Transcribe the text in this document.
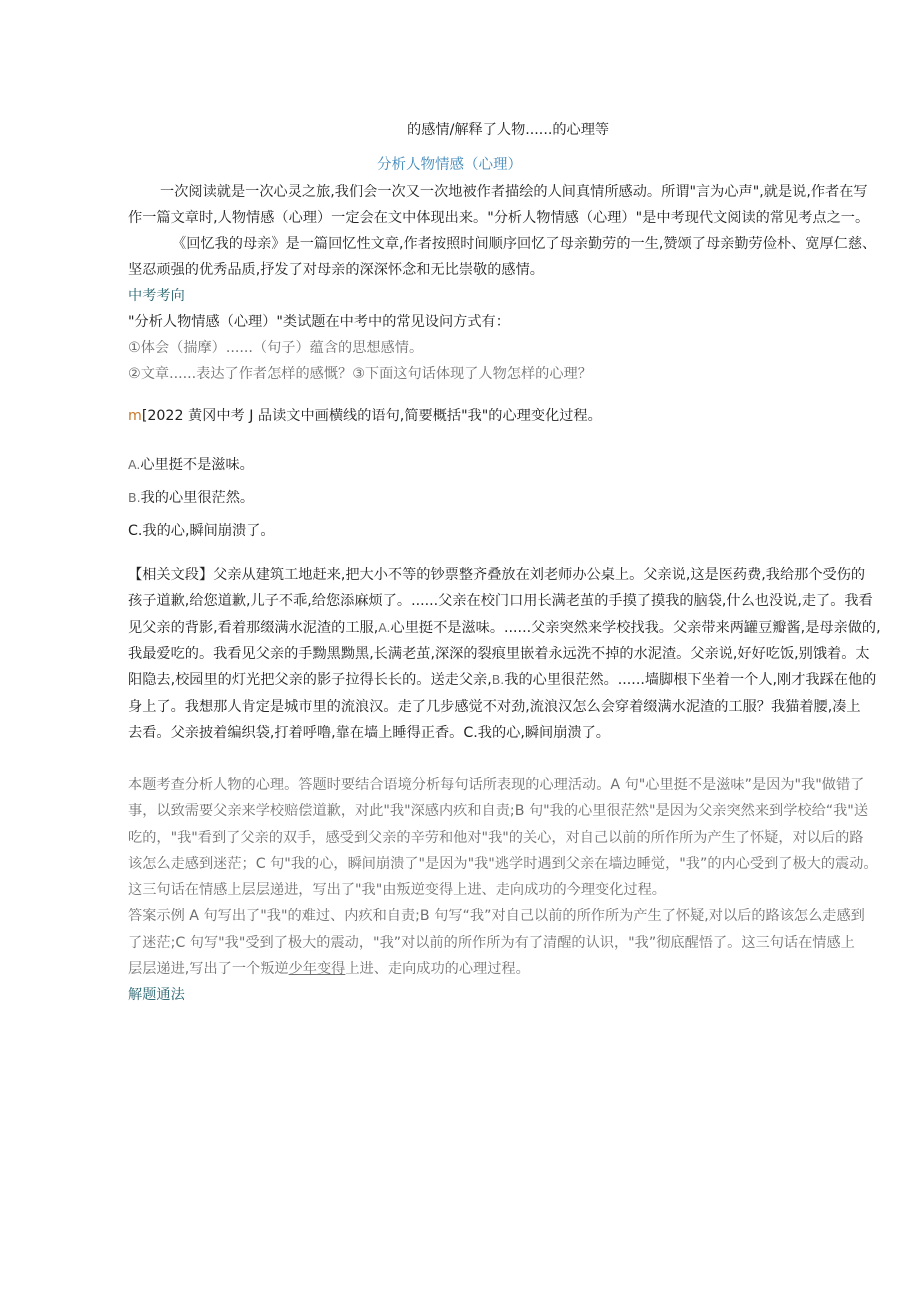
的感情/解释了人物......的心理等
分析人物情感（心理）
一次阅读就是一次心灵之旅,我们会一次又一次地被作者描绘的人间真情所感动。所谓"言为心声",就是说,作者在写
作一篇文章时,人物情感（心理）一定会在文中体现出来。"分析人物情感（心理）"是中考现代文阅读的常见考点之一。
《回忆我的母亲》是一篇回忆性文章,作者按照时间顺序回忆了母亲勤劳的一生,赞颂了母亲勤劳俭朴、宽厚仁慈、
坚忍顽强的优秀品质,抒发了对母亲的深深怀念和无比崇敬的感情。
中考考向
"分析人物情感（心理）"类试题在中考中的常见设问方式有：
①体会（揣摩）......（句子）蕴含的思想感情。
②文章......表达了作者怎样的感慨？③下面这句话体现了人物怎样的心理？
m[2022 黄冈中考 J 品读文中画横线的语句,简要概括"我"的心理变化过程。
A.心里挺不是滋味。
B.我的心里很茫然。
C.我的心,瞬间崩溃了。
【相关文段】父亲从建筑工地赶来,把大小不等的钞票整齐叠放在刘老师办公桌上。父亲说,这是医药费,我给那个受伤的
孩子道歉,给您道歉,儿子不乖,给您添麻烦了。......父亲在校门口用长满老茧的手摸了摸我的脑袋,什么也没说,走了。我看
见父亲的背影,看着那缀满水泥渣的工服,A.心里挺不是滋味。......父亲突然来学校找我。父亲带来两罐豆瓣酱,是母亲做的,
我最爱吃的。我看见父亲的手黝黑黝黑,长满老茧,深深的裂痕里嵌着永远洗不掉的水泥渣。父亲说,好好吃饭,别饿着。太
阳隐去,校园里的灯光把父亲的影子拉得长长的。送走父亲,B.我的心里很茫然。......墙脚根下坐着一个人,刚才我踩在他的
身上了。我想那人肯定是城市里的流浪汉。走了几步感觉不对劲,流浪汉怎么会穿着缀满水泥渣的工服？我猫着腰,凑上
去看。父亲披着编织袋,打着呼噜,靠在墙上睡得正香。C.我的心,瞬间崩溃了。
本题考查分析人物的心理。答题时要结合语境分析每句话所表现的心理活动。A 句"心里挺不是滋味”是因为"我"做错了
事，以致需要父亲来学校赔偿道歉，对此"我"深感内疚和自责;B 句"我的心里很茫然"是因为父亲突然来到学校给“我"送
吃的，"我"看到了父亲的双手，感受到父亲的辛劳和他对"我"的关心，对自己以前的所作所为产生了怀疑，对以后的路
该怎么走感到迷茫；C 句"我的心，瞬间崩溃了"是因为"我"逃学时遇到父亲在墙边睡觉，"我”的内心受到了极大的震动。
这三句话在情感上层层递进，写出了"我"由叛逆变得上进、走向成功的今理变化过程。
答案示例 A 句写出了"我"的难过、内疚和自责;B 句写“我”对自己以前的所作所为产生了怀疑,对以后的路该怎么走感到
了迷茫;C 句写"我"受到了极大的震动，"我”对以前的所作所为有了清醒的认识，"我”彻底醒悟了。这三句话在情感上
层层递进,写出了一个叛逆少年变得上进、走向成功的心理过程。
解题通法
